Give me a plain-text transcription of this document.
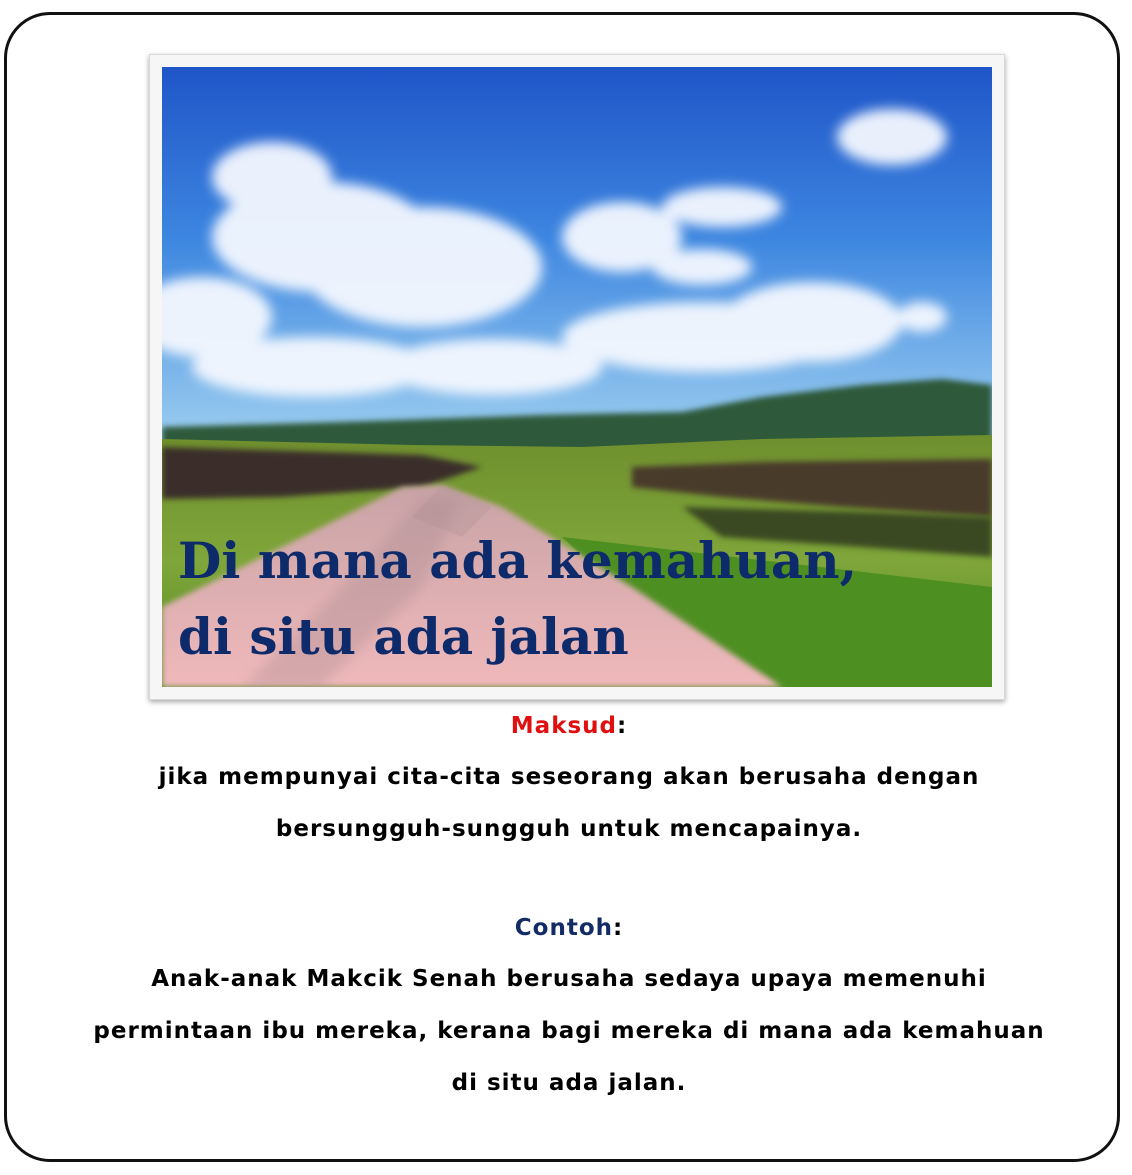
Di mana ada kemahuan,
di situ ada jalan

Maksud:
jika mempunyai cita-cita seseorang akan berusaha dengan bersungguh-sungguh untuk mencapainya.
Contoh:
Anak-anak Makcik Senah berusaha sedaya upaya memenuhi permintaan ibu mereka, kerana bagi mereka di mana ada kemahuan di situ ada jalan.
